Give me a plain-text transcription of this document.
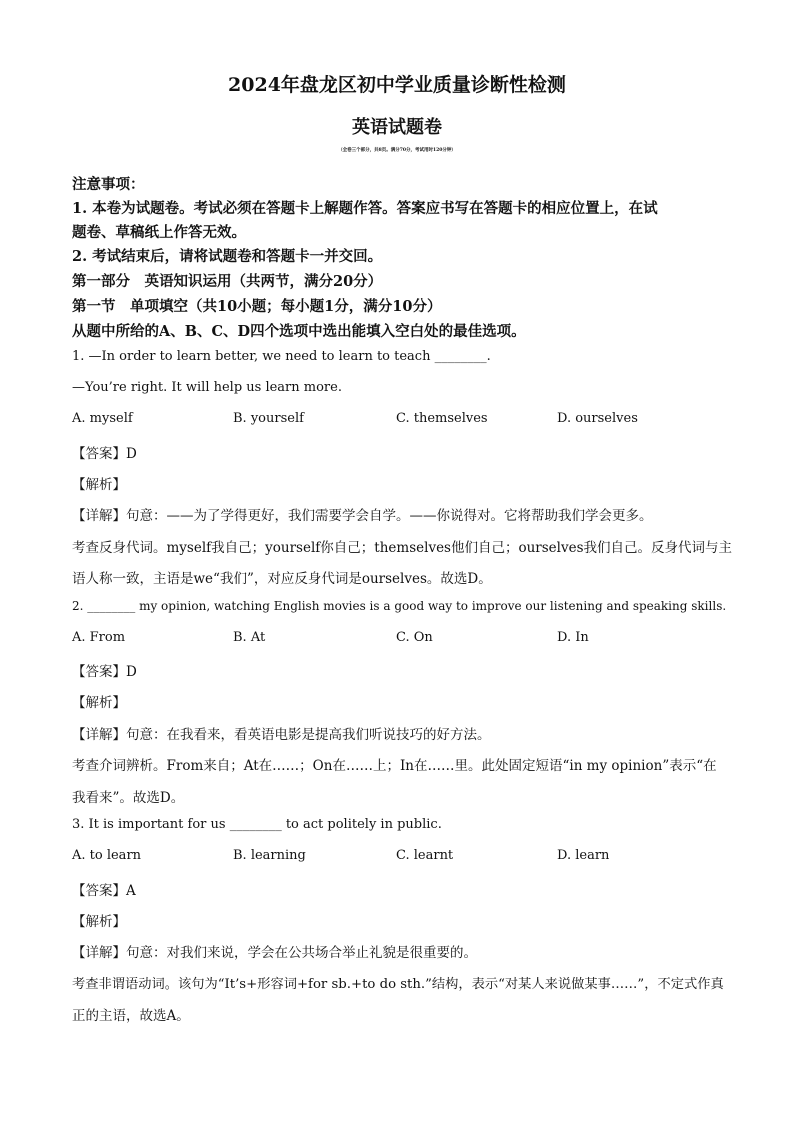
2024年盘龙区初中学业质量诊断性检测
英语试题卷
（全卷三个部分，共8页。满分70分，考试用时120分钟）
注意事项：
1. 本卷为试题卷。考试必须在答题卡上解题作答。答案应书写在答题卡的相应位置上，在试
题卷、草稿纸上作答无效。
2. 考试结束后，请将试题卷和答题卡一并交回。
第一部分　英语知识运用（共两节，满分20分）
第一节　单项填空（共10小题；每小题1分，满分10分）
从题中所给的A、B、C、D四个选项中选出能填入空白处的最佳选项。
1. —In order to learn better, we need to learn to teach ________.
—You’re right. It will help us learn more.
A. myself	B. yourself	C. themselves	D. ourselves
【答案】D
【解析】
【详解】句意：——为了学得更好，我们需要学会自学。——你说得对。它将帮助我们学会更多。
考查反身代词。myself我自己；yourself你自己；themselves他们自己；ourselves我们自己。反身代词与主
语人称一致，主语是we“我们”，对应反身代词是ourselves。故选D。
2. ________ my opinion, watching English movies is a good way to improve our listening and speaking skills.
A. From	B. At	C. On	D. In
【答案】D
【解析】
【详解】句意：在我看来，看英语电影是提高我们听说技巧的好方法。
考查介词辨析。From来自；At在……；On在……上；In在……里。此处固定短语“in my opinion”表示“在
我看来”。故选D。
3. It is important for us ________ to act politely in public.
A. to learn	B. learning	C. learnt	D. learn
【答案】A
【解析】
【详解】句意：对我们来说，学会在公共场合举止礼貌是很重要的。
考查非谓语动词。该句为“It’s+形容词+for sb.+to do sth.”结构，表示“对某人来说做某事……”，不定式作真
正的主语，故选A。
